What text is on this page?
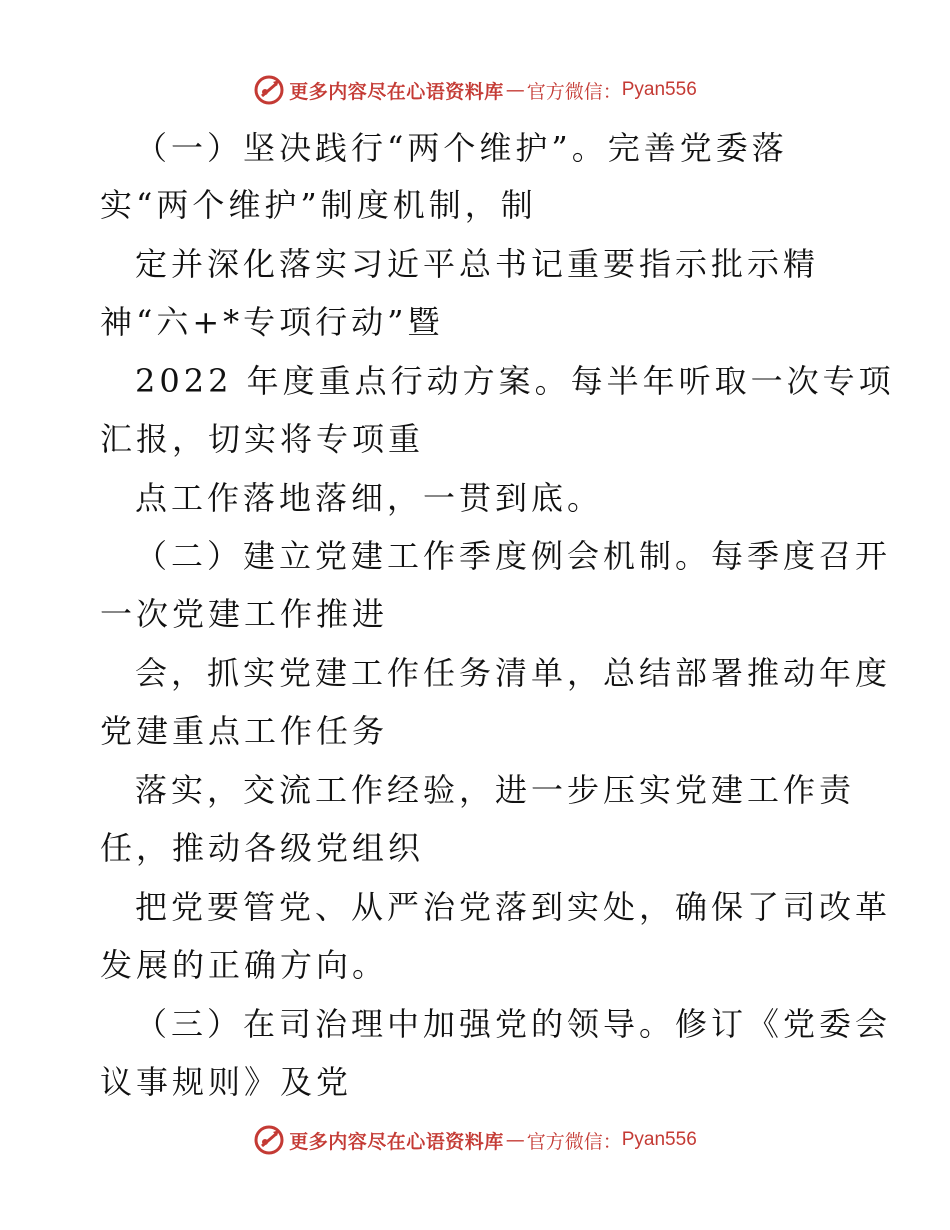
更多内容尽在心语资料库 — 官方微信： Pyan556
（一）坚决践行“两个维护”。完善党委落
实“两个维护”制度机制，制
定并深化落实习近平总书记重要指示批示精
神“六+*专项行动”暨
2022 年度重点行动方案。每半年听取一次专项
汇报，切实将专项重
点工作落地落细，一贯到底。
（二）建立党建工作季度例会机制。每季度召开
一次党建工作推进
会，抓实党建工作任务清单，总结部署推动年度
党建重点工作任务
落实，交流工作经验，进一步压实党建工作责
任，推动各级党组织
把党要管党、从严治党落到实处，确保了司改革
发展的正确方向。
（三）在司治理中加强党的领导。修订《党委会
议事规则》及党
更多内容尽在心语资料库 — 官方微信： Pyan556
